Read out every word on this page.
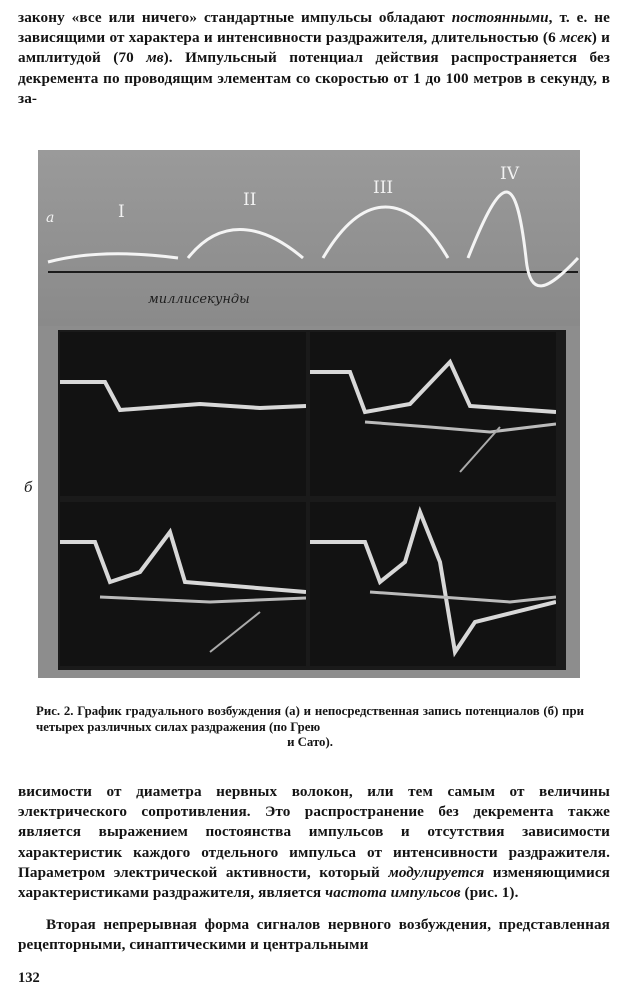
закону «все или ничего» стандартные импульсы обладают постоянными, т. е. не зависящими от характера и интенсивности раздражителя, длительностью (6 мсек) и амплитудой (70 мв). Импульсный потенциал действия распространяется без декремента по проводящим элементам со скоростью от 1 до 100 метров в секунду, в за-
а	I
II
III
IV
миллисекунды
б
Рис. 2. График градуального возбуждения (а) и непосредственная запись потенциалов (б) при четырех различных силах раздражения (по Грею
и Сато).
висимости от диаметра нервных волокон, или тем самым от величины электрического сопротивления. Это распространение без декремента также является выражением постоянства импульсов и отсутствия зависимости характеристик каждого отдельного импульса от интенсивности раздражителя. Параметром электрической активности, который модулируется изменяющимися характеристиками раздражителя, является частота импульсов (рис. 1).
Вторая непрерывная форма сигналов нервного возбуждения, представленная рецепторными, синаптическими и центральными
132
